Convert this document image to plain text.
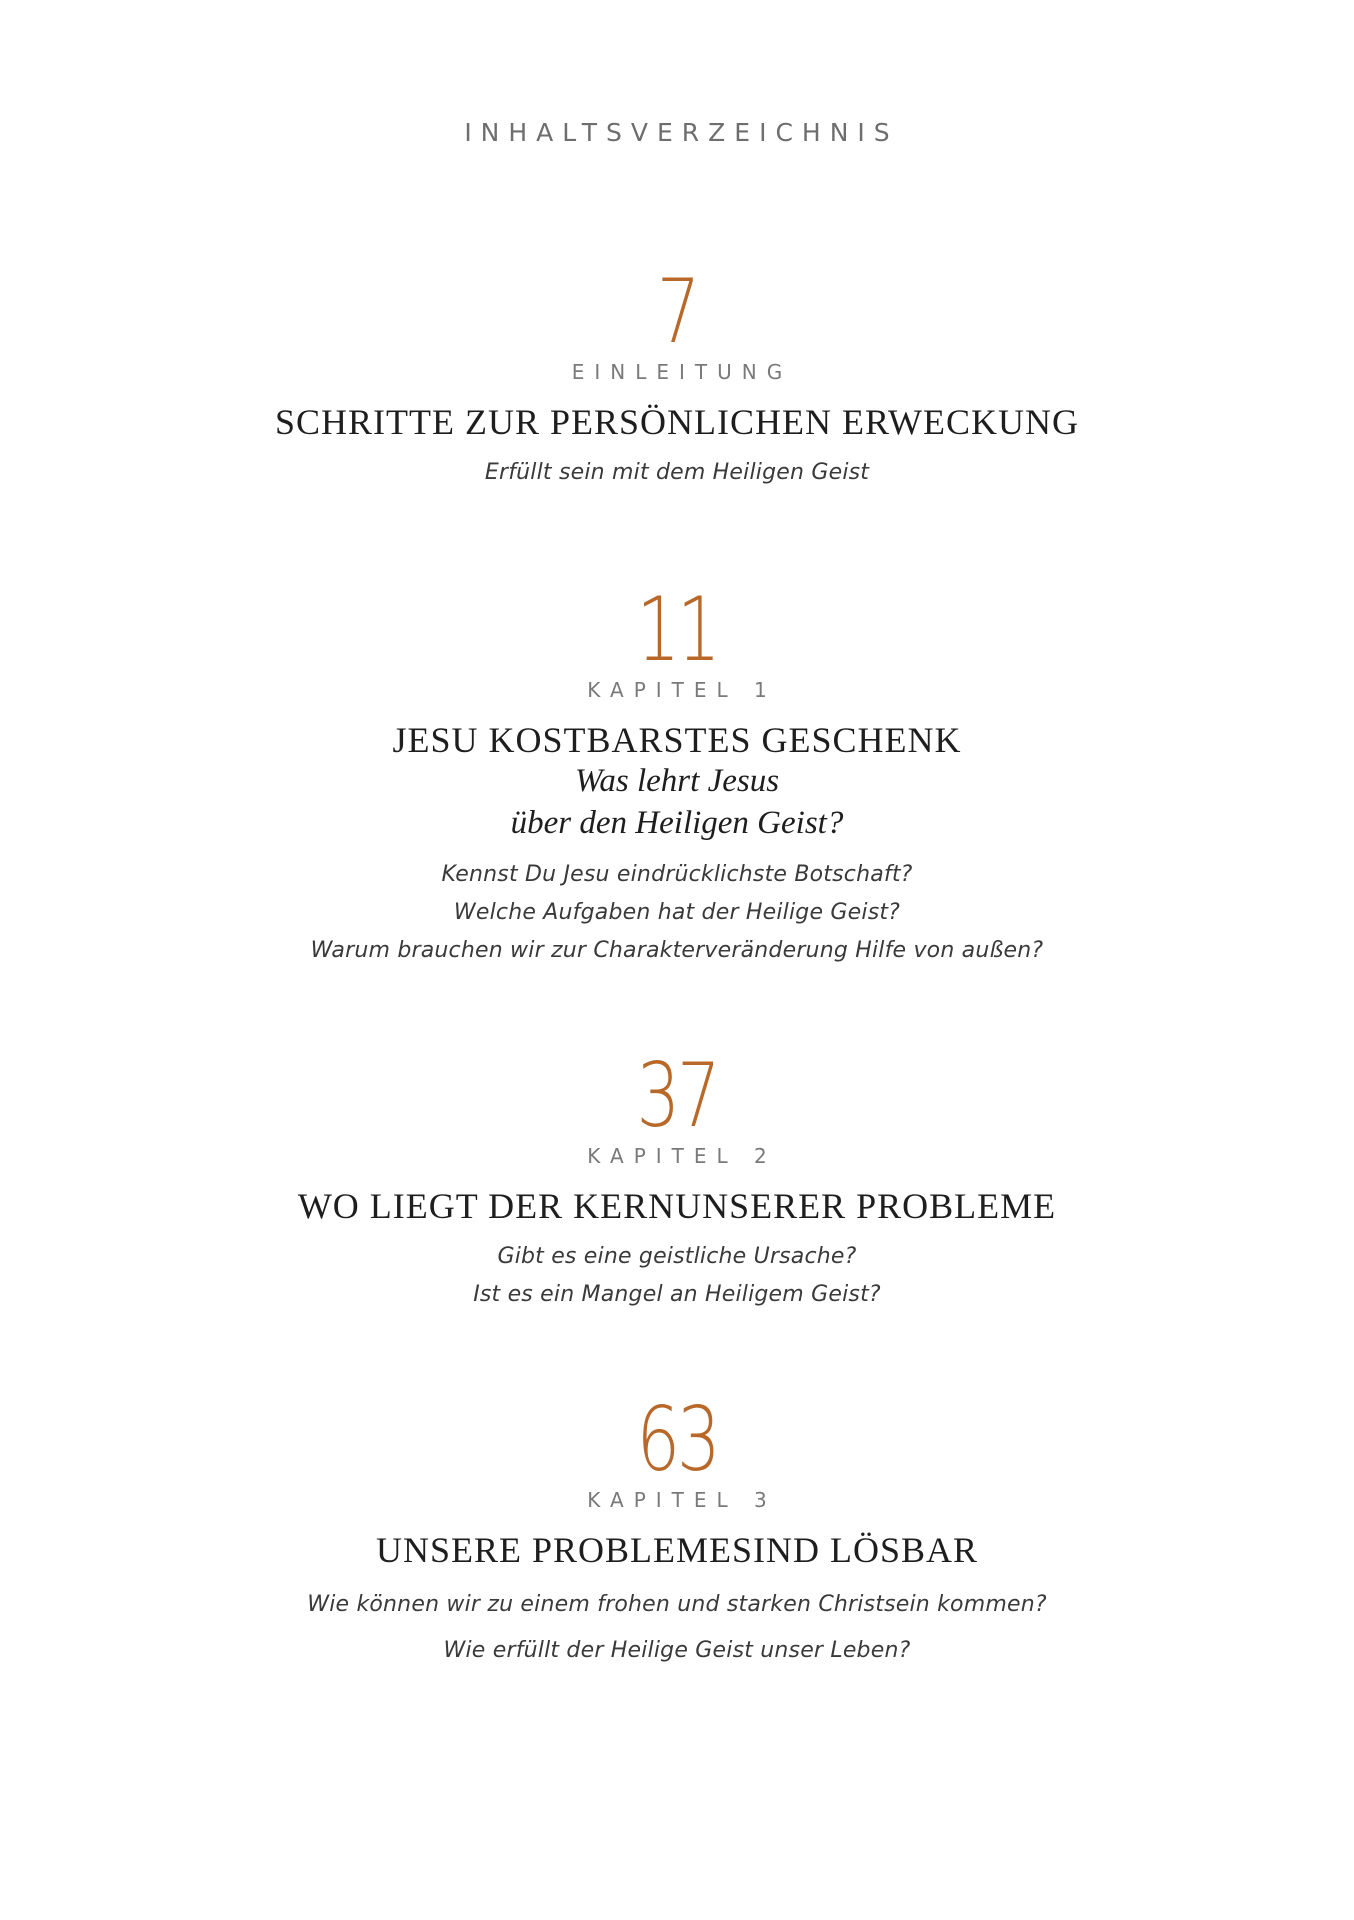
INHALTSVERZEICHNIS
7
EINLEITUNG
SCHRITTE ZUR PERSÖNLICHEN ERWECKUNG
Erfüllt sein mit dem Heiligen Geist
11
KAPITEL 1
JESU KOSTBARSTES GESCHENK
Was lehrt Jesus
über den Heiligen Geist?
Kennst Du Jesu eindrücklichste Botschaft?
Welche Aufgaben hat der Heilige Geist?
Warum brauchen wir zur Charakterveränderung Hilfe von außen?
37
KAPITEL 2
WO LIEGT DER KERNUNSERER PROBLEME
Gibt es eine geistliche Ursache?
Ist es ein Mangel an Heiligem Geist?
63
KAPITEL 3
UNSERE PROBLEMESIND LÖSBAR
Wie können wir zu einem frohen und starken Christsein kommen?
Wie erfüllt der Heilige Geist unser Leben?
